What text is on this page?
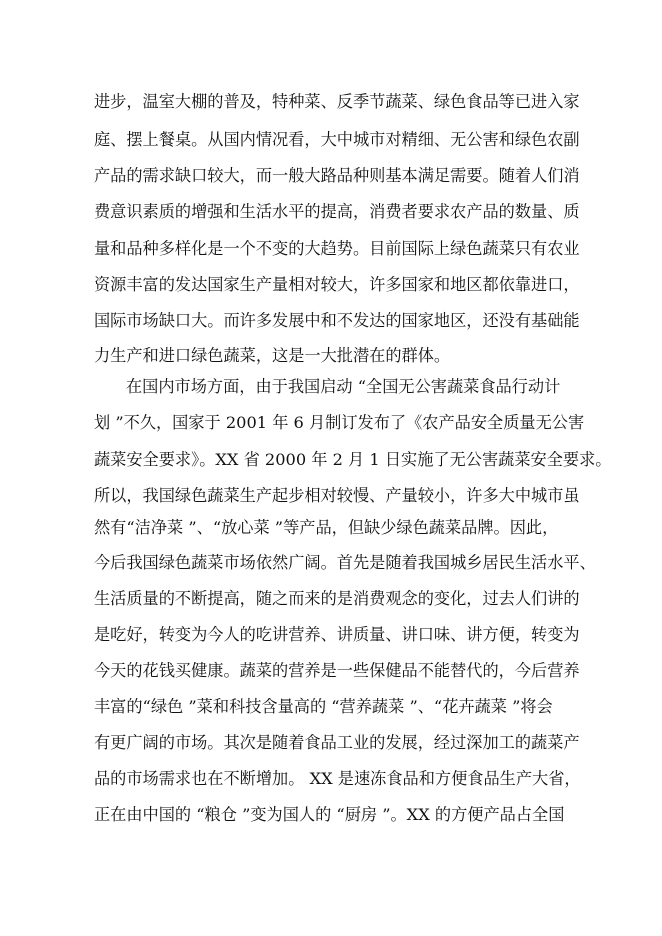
进步，温室大棚的普及，特种菜、反季节蔬菜、绿色食品等已进入家
庭、摆上餐桌。从国内情况看，大中城市对精细、无公害和绿色农副
产品的需求缺口较大，而一般大路品种则基本满足需要。随着人们消
费意识素质的增强和生活水平的提高，消费者要求农产品的数量、质
量和品种多样化是一个不变的大趋势。目前国际上绿色蔬菜只有农业
资源丰富的发达国家生产量相对较大，许多国家和地区都依靠进口，
国际市场缺口大。而许多发展中和不发达的国家地区，还没有基础能
力生产和进口绿色蔬菜，这是一大批潜在的群体。
在国内市场方面，由于我国启动 “全国无公害蔬菜食品行动计
划 ”不久，国家于 2001 年 6 月制订发布了《农产品安全质量无公害
蔬菜安全要求》。XX 省 2000 年 2 月 1 日实施了无公害蔬菜安全要求。
所以，我国绿色蔬菜生产起步相对较慢、产量较小，许多大中城市虽
然有“洁净菜 ”、“放心菜 ”等产品，但缺少绿色蔬菜品牌。因此，
今后我国绿色蔬菜市场依然广阔。首先是随着我国城乡居民生活水平、
生活质量的不断提高，随之而来的是消费观念的变化，过去人们讲的
是吃好，转变为今人的吃讲营养、讲质量、讲口味、讲方便，转变为
今天的花钱买健康。蔬菜的营养是一些保健品不能替代的，今后营养
丰富的“绿色 ”菜和科技含量高的 “营养蔬菜 ”、“花卉蔬菜 ”将会
有更广阔的市场。其次是随着食品工业的发展，经过深加工的蔬菜产
品的市场需求也在不断增加。 XX 是速冻食品和方便食品生产大省，
正在由中国的 “粮仓 ”变为国人的 “厨房 ”。XX 的方便产品占全国
